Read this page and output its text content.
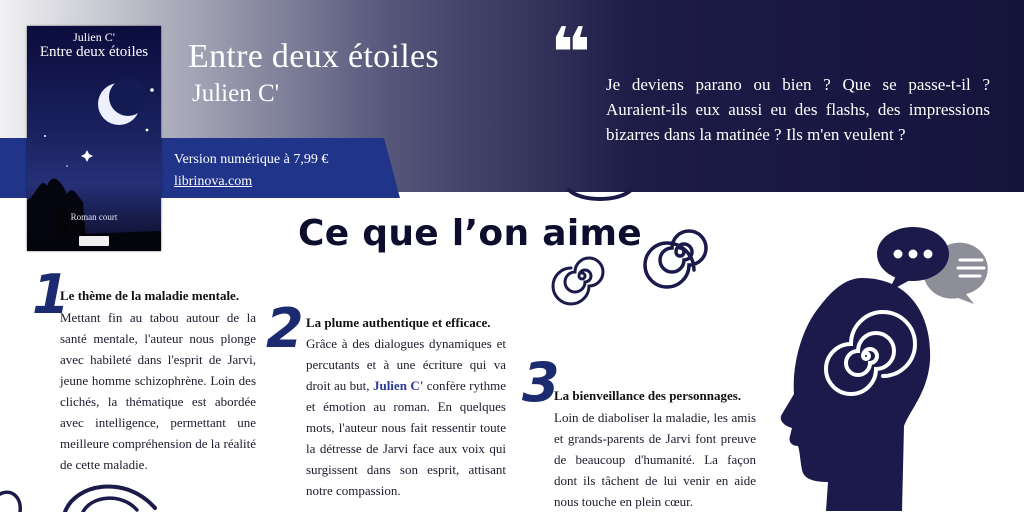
Julien C'
Entre deux étoiles
Roman court
Entre deux étoiles
Julien C'
Version numérique à 7,99 €
librinova.com
❝ Je deviens parano ou bien ? Que se passe-t-il ? Auraient-ils eux aussi eu des flashs, des impressions bizarres dans la matinée ? Ils m'en veulent ?
Ce que l’on aime
1
Le thème de la maladie mentale.
Mettant fin au tabou autour de la santé mentale, l'auteur nous plonge avec habileté dans l'esprit de Jarvi, jeune homme schizophrène. Loin des clichés, la thématique est abordée avec intelligence, permettant une meilleure compréhension de la réalité de cette maladie.
2 La plume authentique et efficace.
Grâce à des dialogues dynamiques et percutants et à une écriture qui va droit au but, Julien C' confère rythme et émotion au roman. En quelques mots, l'auteur nous fait ressentir toute la détresse de Jarvi face aux voix qui surgissent dans son esprit, attisant notre compassion.
3
La bienveillance des personnages.
Loin de diaboliser la maladie, les amis et grands-parents de Jarvi font preuve de beaucoup d'humanité. La façon dont ils tâchent de lui venir en aide nous touche en plein cœur.
